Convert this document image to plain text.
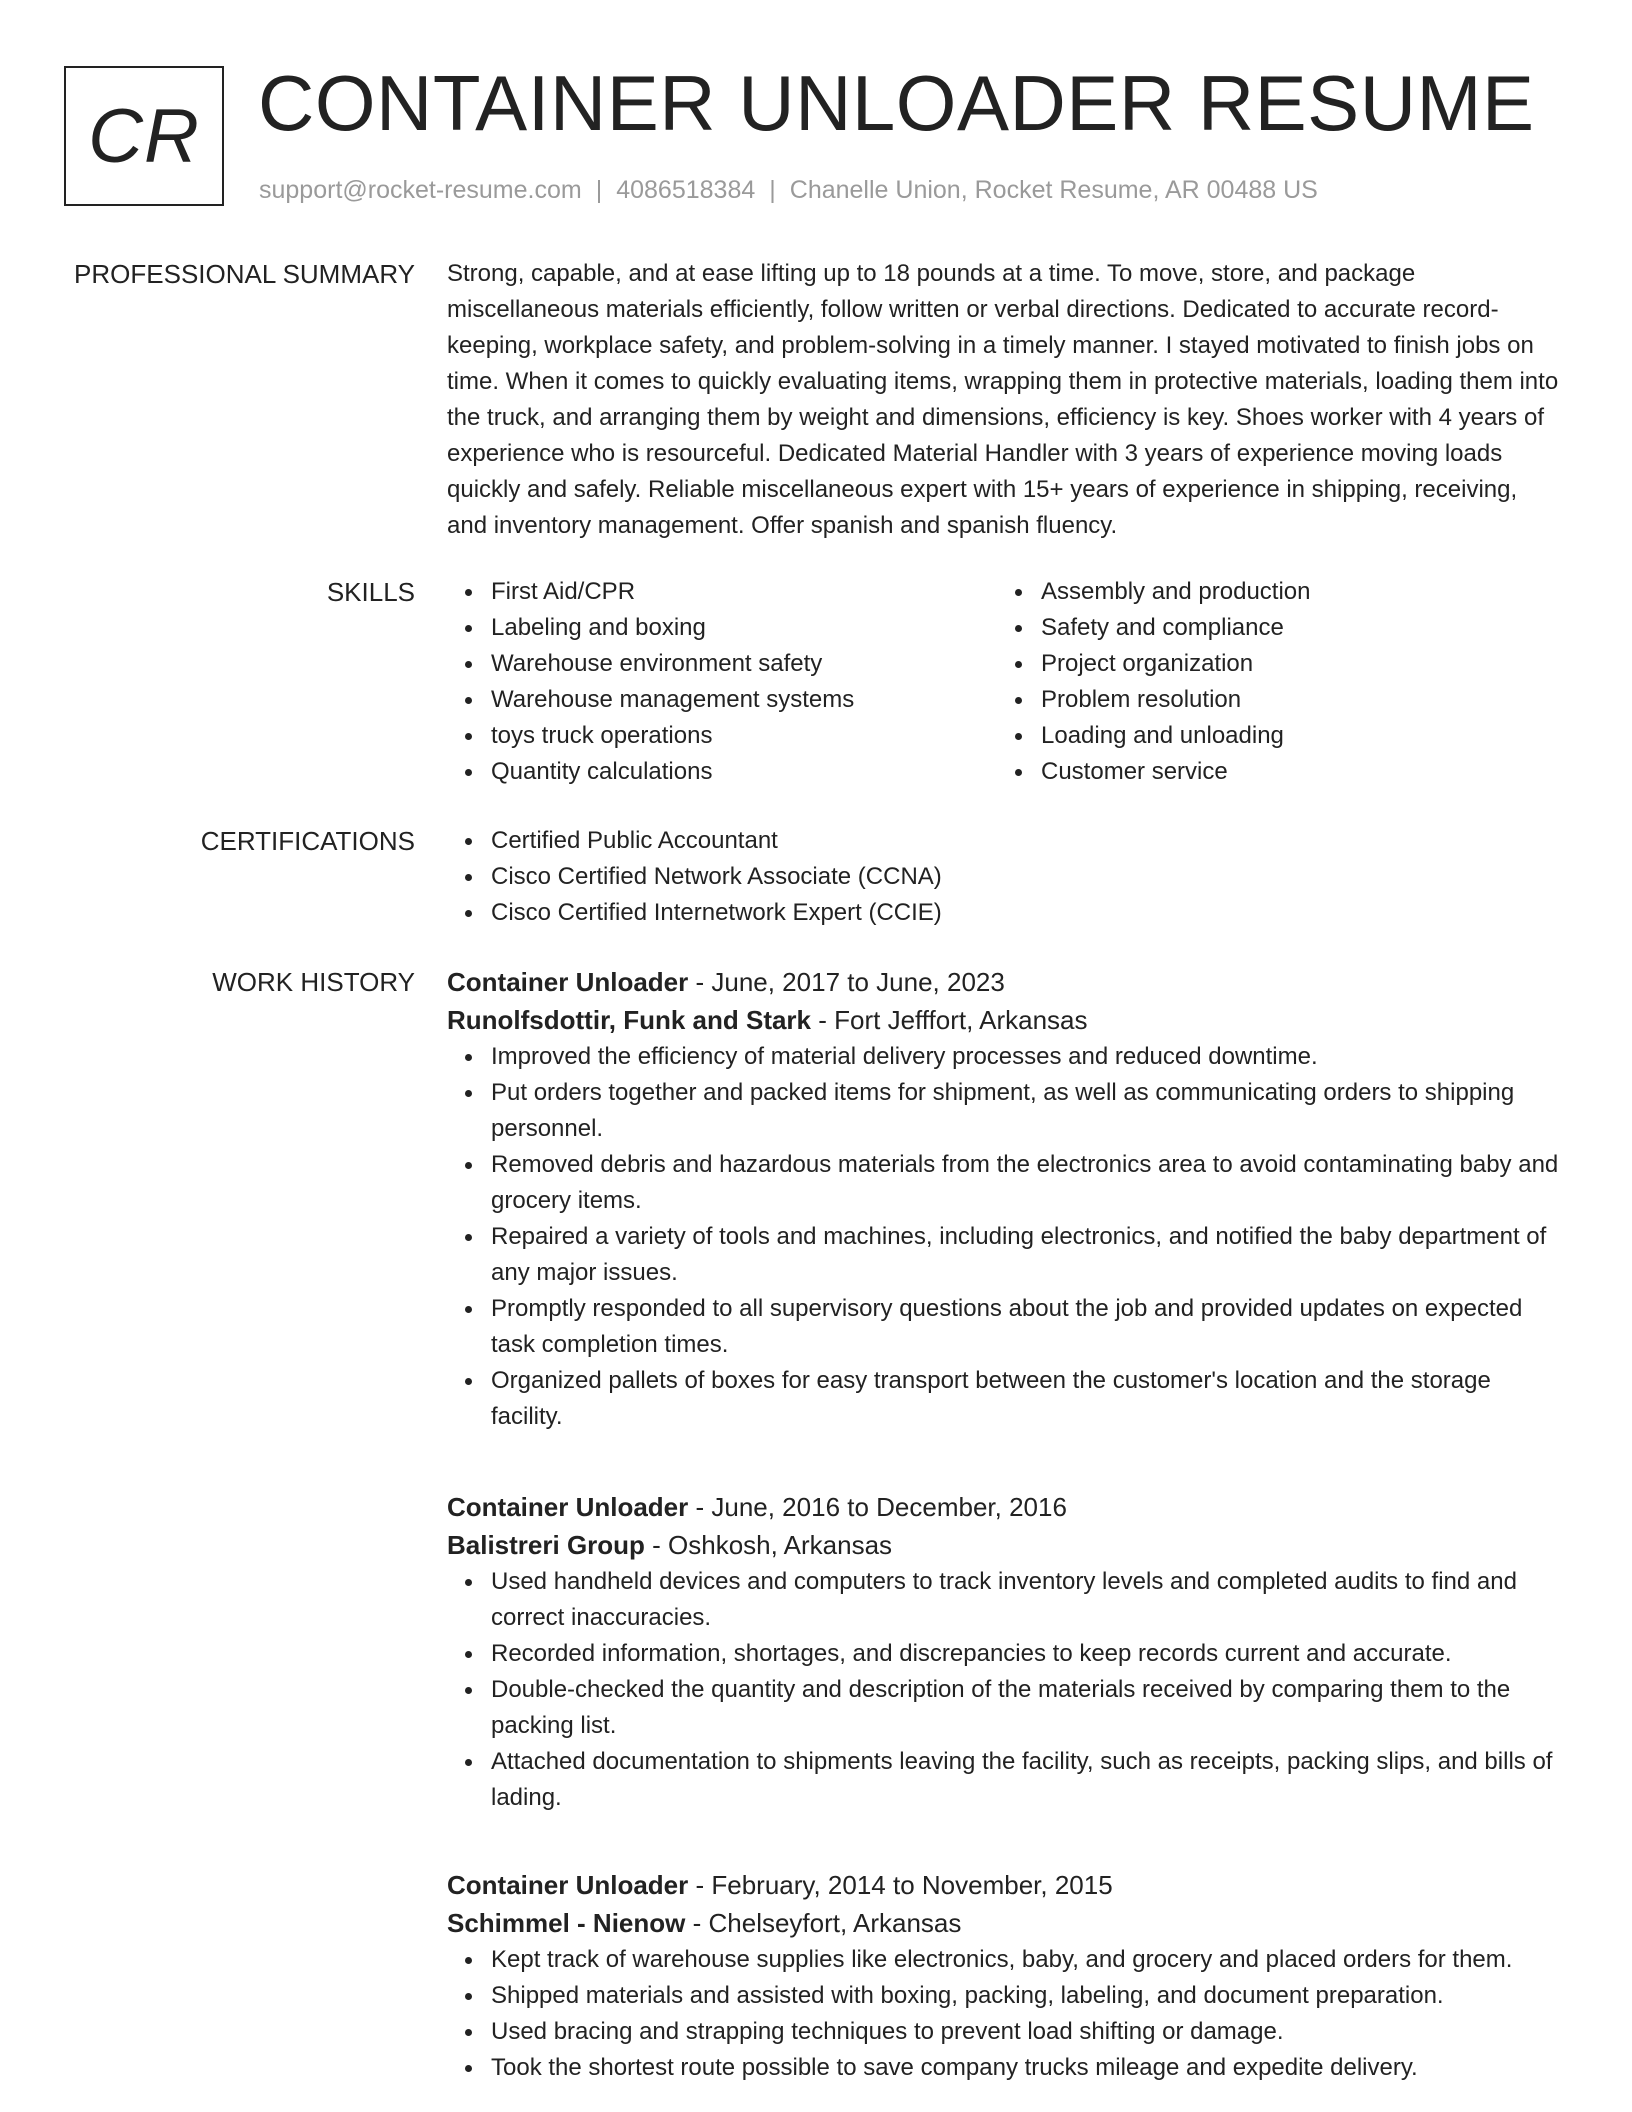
CR CONTAINER UNLOADER RESUME
support@rocket-resume.com | 4086518384 | Chanelle Union, Rocket Resume, AR 00488 US
PROFESSIONAL SUMMARY Strong, capable, and at ease lifting up to 18 pounds at a time. To move, store, and package miscellaneous materials efficiently, follow written or verbal directions. Dedicated to accurate record-keeping, workplace safety, and problem-solving in a timely manner. I stayed motivated to finish jobs on time. When it comes to quickly evaluating items, wrapping them in protective materials, loading them into the truck, and arranging them by weight and dimensions, efficiency is key. Shoes worker with 4 years of experience who is resourceful. Dedicated Material Handler with 3 years of experience moving loads quickly and safely. Reliable miscellaneous expert with 15+ years of experience in shipping, receiving, and inventory management. Offer spanish and spanish fluency.

SKILLS	First Aid/CPR
Labeling and boxing
Warehouse environment safety
Warehouse management systems
toys truck operations
Quantity calculations
Assembly and production
Safety and compliance
Project organization
Problem resolution
Loading and unloading
Customer service
CERTIFICATIONS	Certified Public Accountant
Cisco Certified Network Associate (CCNA)
Cisco Certified Internetwork Expert (CCIE)
WORK HISTORY Container Unloader - June, 2017 to June, 2023
Runolfsdottir, Funk and Stark - Fort Jefffort, Arkansas
Improved the efficiency of material delivery processes and reduced downtime.
Put orders together and packed items for shipment, as well as communicating orders to shipping personnel.
Removed debris and hazardous materials from the electronics area to avoid contaminating baby and grocery items.
Repaired a variety of tools and machines, including electronics, and notified the baby department of any major issues.
Promptly responded to all supervisory questions about the job and provided updates on expected task completion times.
Organized pallets of boxes for easy transport between the customer's location and the storage facility.
Container Unloader - June, 2016 to December, 2016
Balistreri Group - Oshkosh, Arkansas
Used handheld devices and computers to track inventory levels and completed audits to find and correct inaccuracies.
Recorded information, shortages, and discrepancies to keep records current and accurate.
Double-checked the quantity and description of the materials received by comparing them to the packing list.
Attached documentation to shipments leaving the facility, such as receipts, packing slips, and bills of lading.
Container Unloader - February, 2014 to November, 2015
Schimmel - Nienow - Chelseyfort, Arkansas
Kept track of warehouse supplies like electronics, baby, and grocery and placed orders for them.
Shipped materials and assisted with boxing, packing, labeling, and document preparation.
Used bracing and strapping techniques to prevent load shifting or damage.
Took the shortest route possible to save company trucks mileage and expedite delivery.
